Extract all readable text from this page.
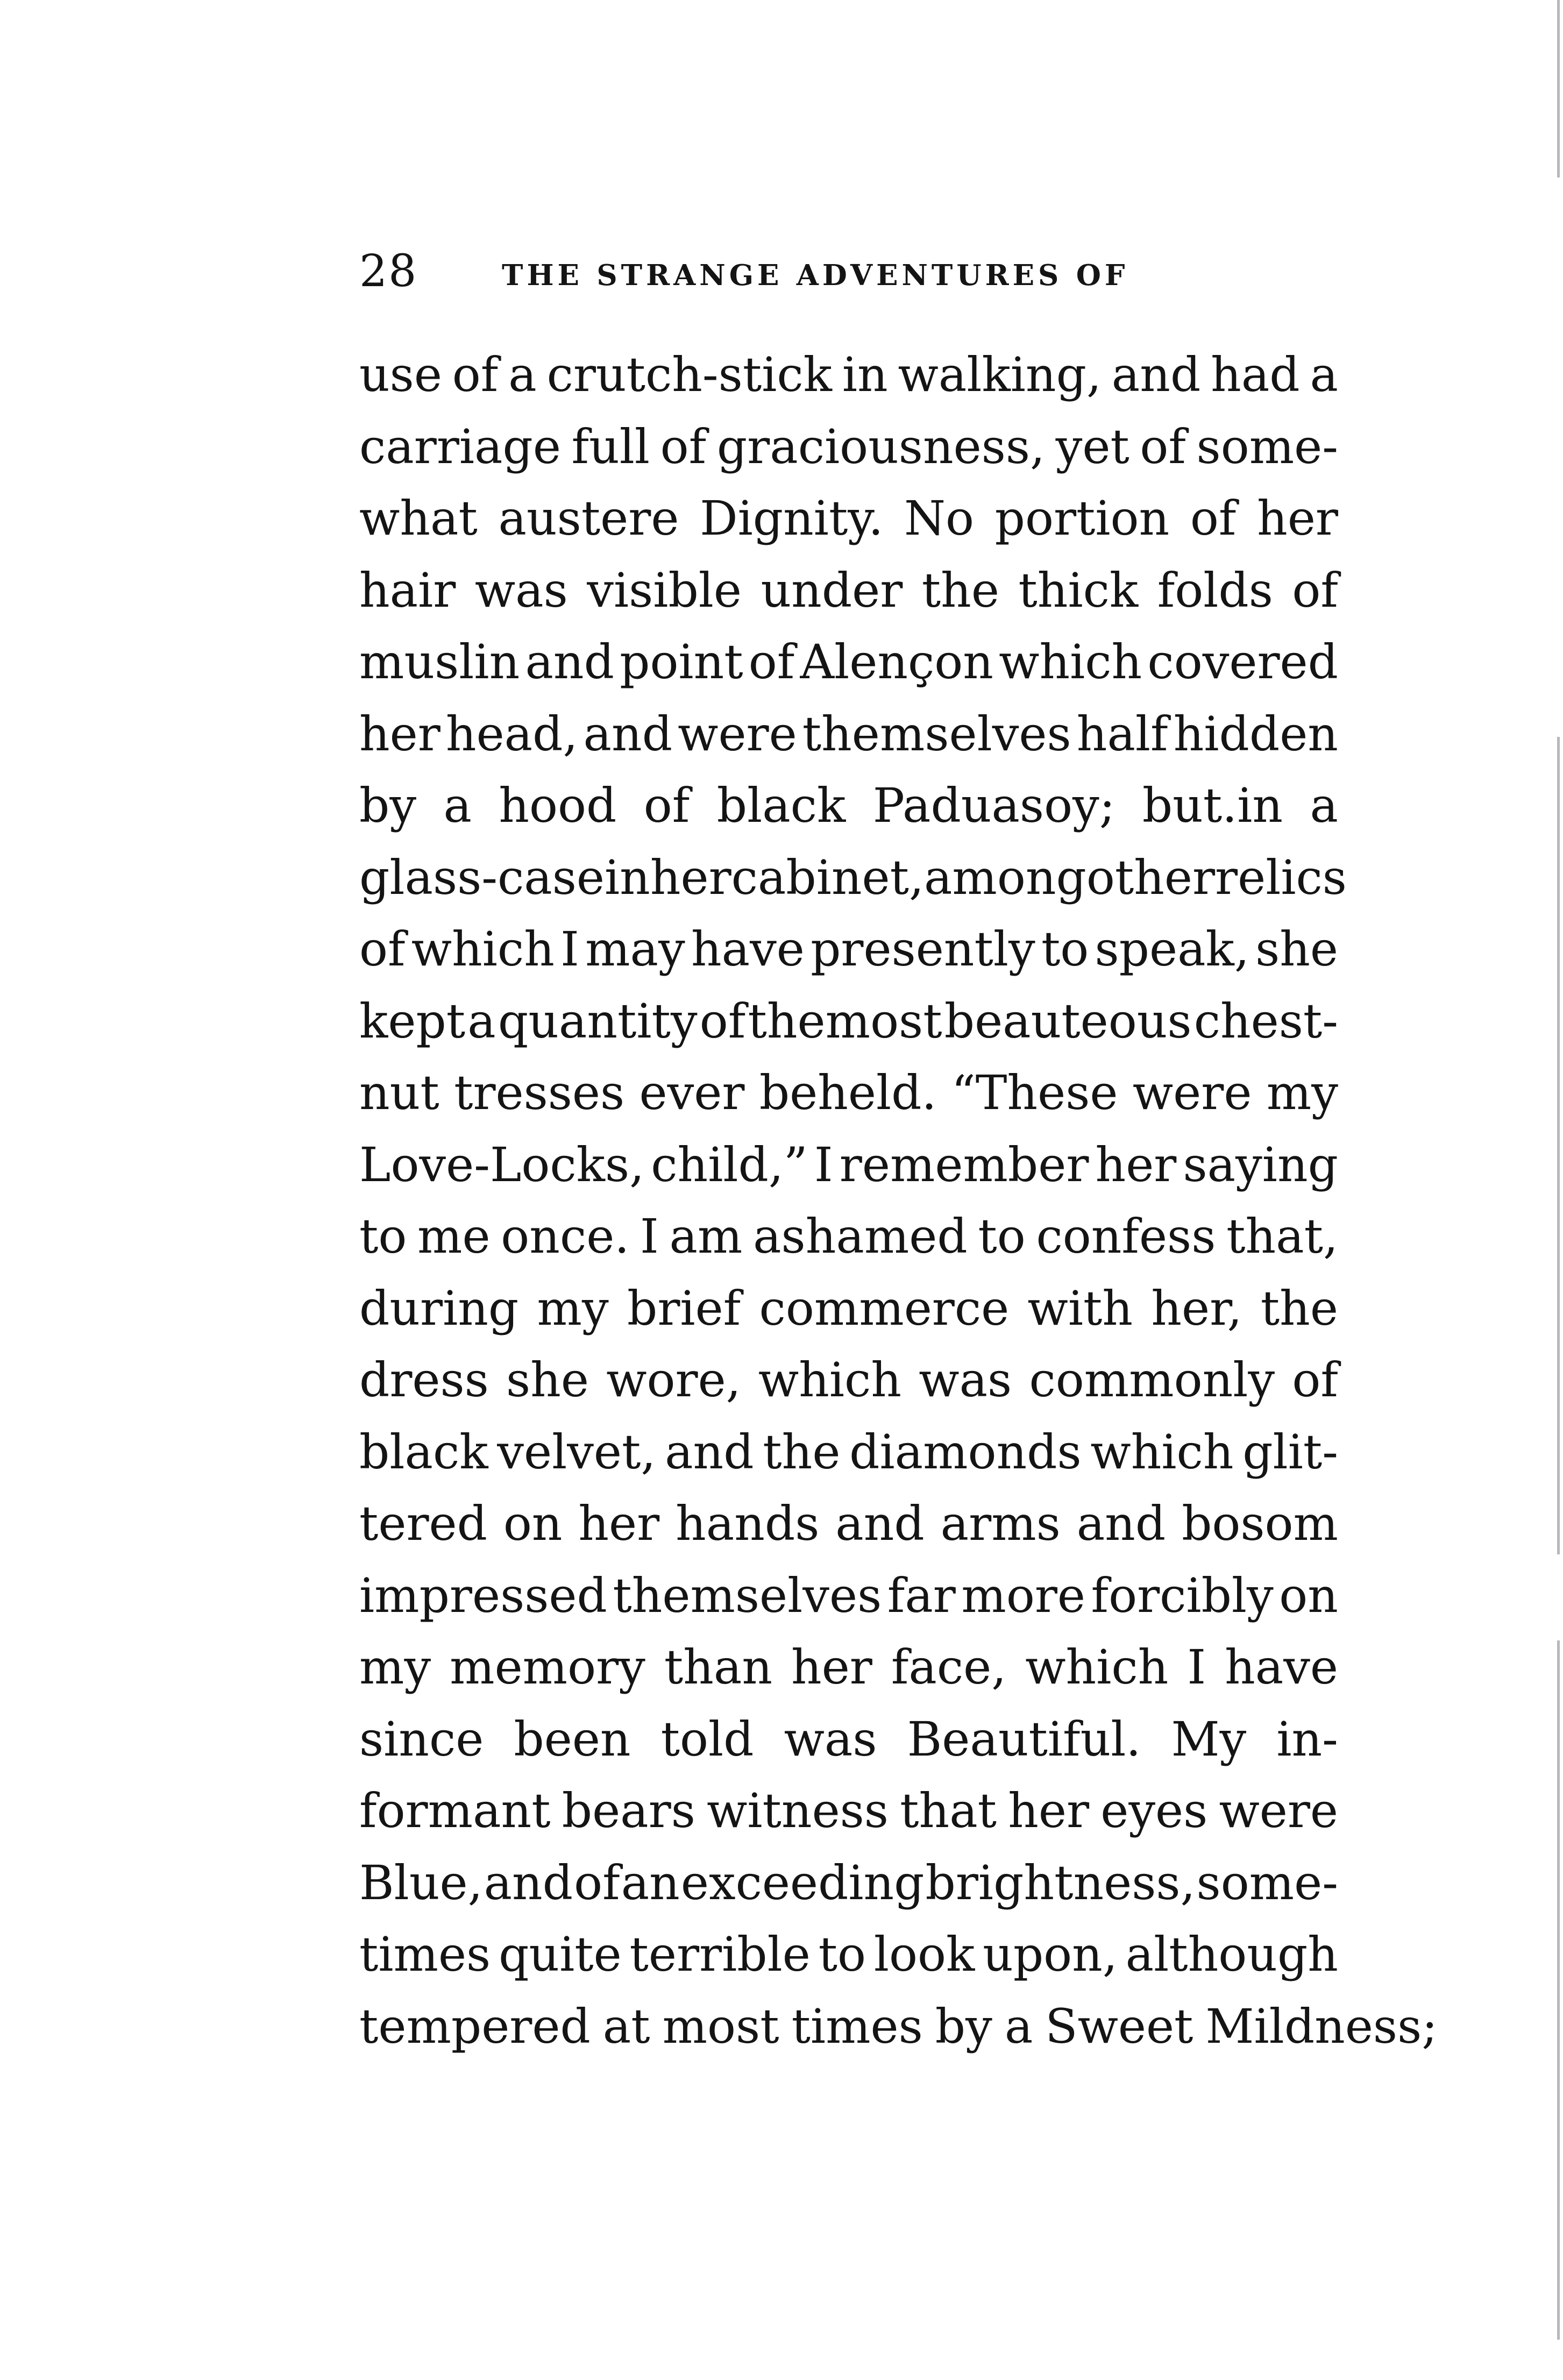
28	THE STRANGE ADVENTURES OF
use of a crutch-stick in walking, and had a
carriage full of graciousness, yet of some-
what austere Dignity. No portion of her
hair was visible under the thick folds of
muslin and point of Alençon which covered
her head, and were themselves half hidden
by a hood of black Paduasoy; but.in a
glass-case in her cabinet, among other relics
of which I may have presently to speak, she
kept a quantity of themost beauteous chest-
nut tresses ever beheld. “These were my
Love-Locks, child,” I remember her saying
to me once. I am ashamed to confess that,
during my brief commerce with her, the
dress she wore, which was commonly of
black velvet, and the diamonds which glit-
tered on her hands and arms and bosom
impressed themselves far more forcibly on
my memory than her face, which I have
since been told was Beautiful. My in-
formant bears witness that her eyes were
Blue, and of an exceeding brightness, some-
times quite terrible to look upon, although
tempered at most times by a Sweet Mildness;
